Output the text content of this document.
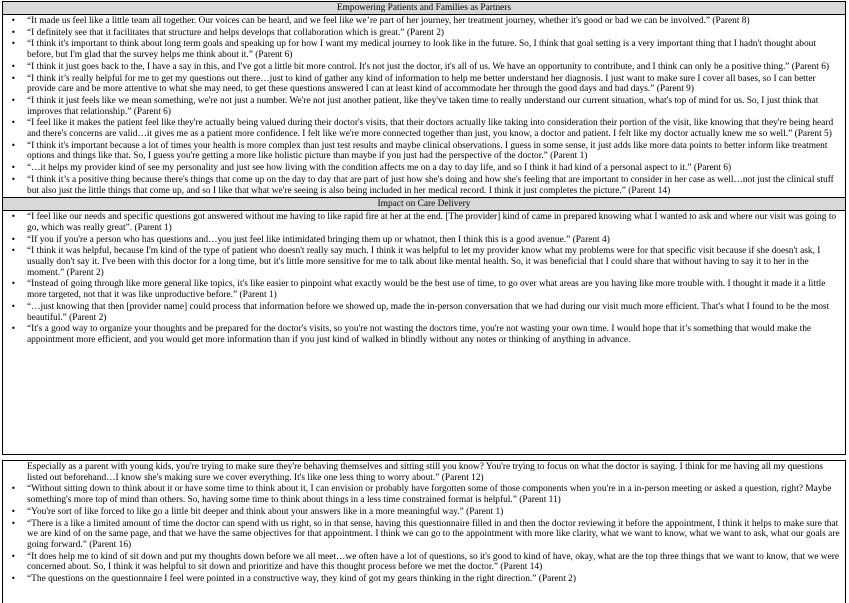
Empowering Patients and Families as Partners
• “It made us feel like a little team all together. Our voices can be heard, and we feel like we’re part of her journey, her treatment journey, whether it's good or bad we can be involved.” (Parent 8)
• “I definitely see that it facilitates that structure and helps develops that collaboration which is great.” (Parent 2)
• “I think it's important to think about long term goals and speaking up for how I want my medical journey to look like in the future. So, I think that goal setting is a very important thing that I hadn't thought about before, but I'm glad that the survey helps me think about it.” (Parent 6)
• “I think it just goes back to the, I have a say in this, and I've got a little bit more control. It's not just the doctor, it's all of us. We have an opportunity to contribute, and I think can only be a positive thing.” (Parent 6)
• “I think it’s really helpful for me to get my questions out there…just to kind of gather any kind of information to help me better understand her diagnosis. I just want to make sure I cover all bases, so I can better provide care and be more attentive to what she may need, to get these questions answered I can at least kind of accommodate her through the good days and bad days.” (Parent 9)
• “I think it just feels like we mean something, we're not just a number. We're not just another patient, like they've taken time to really understand our current situation, what's top of mind for us. So, I just think that improves that relationship.” (Parent 6)
• “I feel like it makes the patient feel like they're actually being valued during their doctor's visits, that their doctors actually like taking into consideration their portion of the visit, like knowing that they're being heard and there's concerns are valid…it gives me as a patient more confidence. I felt like we're more connected together than just, you know, a doctor and patient. I felt like my doctor actually knew me so well.” (Parent 5)
• “I think it's important because a lot of times your health is more complex than just test results and maybe clinical observations. I guess in some sense, it just adds like more data points to better inform like treatment options and things like that. So, I guess you're getting a more like holistic picture than maybe if you just had the perspective of the doctor.” (Parent 1)
• “…it helps my provider kind of see my personality and just see how living with the condition affects me on a day to day life, and so I think it had kind of a personal aspect to it.” (Parent 6)
• “I think it’s a positive thing because there's things that come up on the day to day that are part of just how she's doing and how she's feeling that are important to consider in her case as well…not just the clinical stuff but also just the little things that come up, and so I like that what we're seeing is also being included in her medical record. I think it just completes the picture.” (Parent 14)
Impact on Care Delivery
• “I feel like our needs and specific questions got answered without me having to like rapid fire at her at the end. [The provider] kind of came in prepared knowing what I wanted to ask and where our visit was going to go, which was really great”. (Parent 1)
• “If you if you're a person who has questions and…you just feel like intimidated bringing them up or whatnot, then I think this is a good avenue.” (Parent 4)
• “I think it was helpful, because I'm kind of the type of patient who doesn't really say much. I think it was helpful to let my provider know what my problems were for that specific visit because if she doesn't ask, I usually don't say it. I've been with this doctor for a long time, but it's little more sensitive for me to talk about like mental health. So, it was beneficial that I could share that without having to say it to her in the moment.” (Parent 2)
• “Instead of going through like more general like topics, it's like easier to pinpoint what exactly would be the best use of time, to go over what areas are you having like more trouble with. I thought it made it a little more targeted, not that it was like unproductive before.” (Parent 1)
• “…just knowing that then [provider name] could process that information before we showed up, made the in-person conversation that we had during our visit much more efficient. That's what I found to be the most beautiful.” (Parent 2)
• “It's a good way to organize your thoughts and be prepared for the doctor's visits, so you're not wasting the doctors time, you're not wasting your own time. I would hope that it’s something that would make the appointment more efficient, and you would get more information than if you just kind of walked in blindly without any notes or thinking of anything in advance.
Especially as a parent with young kids, you're trying to make sure they're behaving themselves and sitting still you know? You're trying to focus on what the doctor is saying. I think for me having all my questions listed out beforehand…I know she's making sure we cover everything. It's like one less thing to worry about.” (Parent 12)
• “Without sitting down to think about it or have some time to think about it, I can envision or probably have forgotten some of those components when you're in a in-person meeting or asked a question, right? Maybe something's more top of mind than others. So, having some time to think about things in a less time constrained format is helpful.” (Parent 11)
• “You're sort of like forced to like go a little bit deeper and think about your answers like in a more meaningful way.” (Parent 1)
• “There is a like a limited amount of time the doctor can spend with us right, so in that sense, having this questionnaire filled in and then the doctor reviewing it before the appointment, I think it helps to make sure that we are kind of on the same page, and that we have the same objectives for that appointment. I think we can go to the appointment with more like clarity, what we want to know, what we want to ask, what our goals are going forward.” (Parent 16)
• “It does help me to kind of sit down and put my thoughts down before we all meet…we often have a lot of questions, so it's good to kind of have, okay, what are the top three things that we want to know, that we were concerned about. So, I think it was helpful to sit down and prioritize and have this thought process before we met the doctor.” (Parent 14)
• “The questions on the questionnaire I feel were pointed in a constructive way, they kind of got my gears thinking in the right direction.” (Parent 2)
